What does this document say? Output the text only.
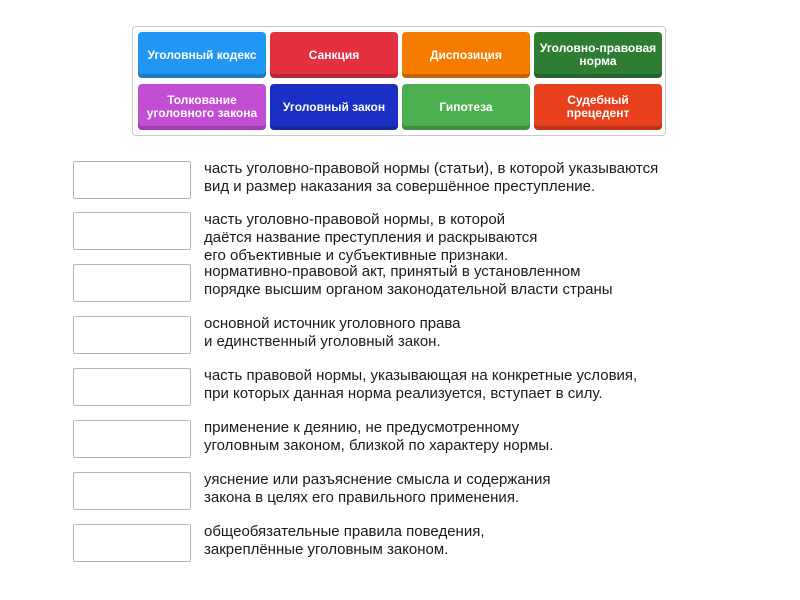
Уголовный кодекс	Санкция	Диспозиция	Уголовно-правовая норма
Толкование уголовного закона	Уголовный закон	Гипотеза	Судебный прецедент
часть уголовно-правовой нормы (статьи), в которой указываются
вид и размер наказания за совершённое преступление.
часть уголовно-правовой нормы, в которой
даётся название преступления и раскрываются
его объективные и субъективные признаки.
нормативно-правовой акт, принятый в установленном
порядке высшим органом законодательной власти страны
основной источник уголовного права
и единственный уголовный закон.
часть правовой нормы, указывающая на конкретные условия,
при которых данная норма реализуется, вступает в силу.
применение к деянию, не предусмотренному
уголовным законом, близкой по характеру нормы.
уяснение или разъяснение смысла и содержания
закона в целях его правильного применения.
общеобязательные правила поведения,
закреплённые уголовным законом.
